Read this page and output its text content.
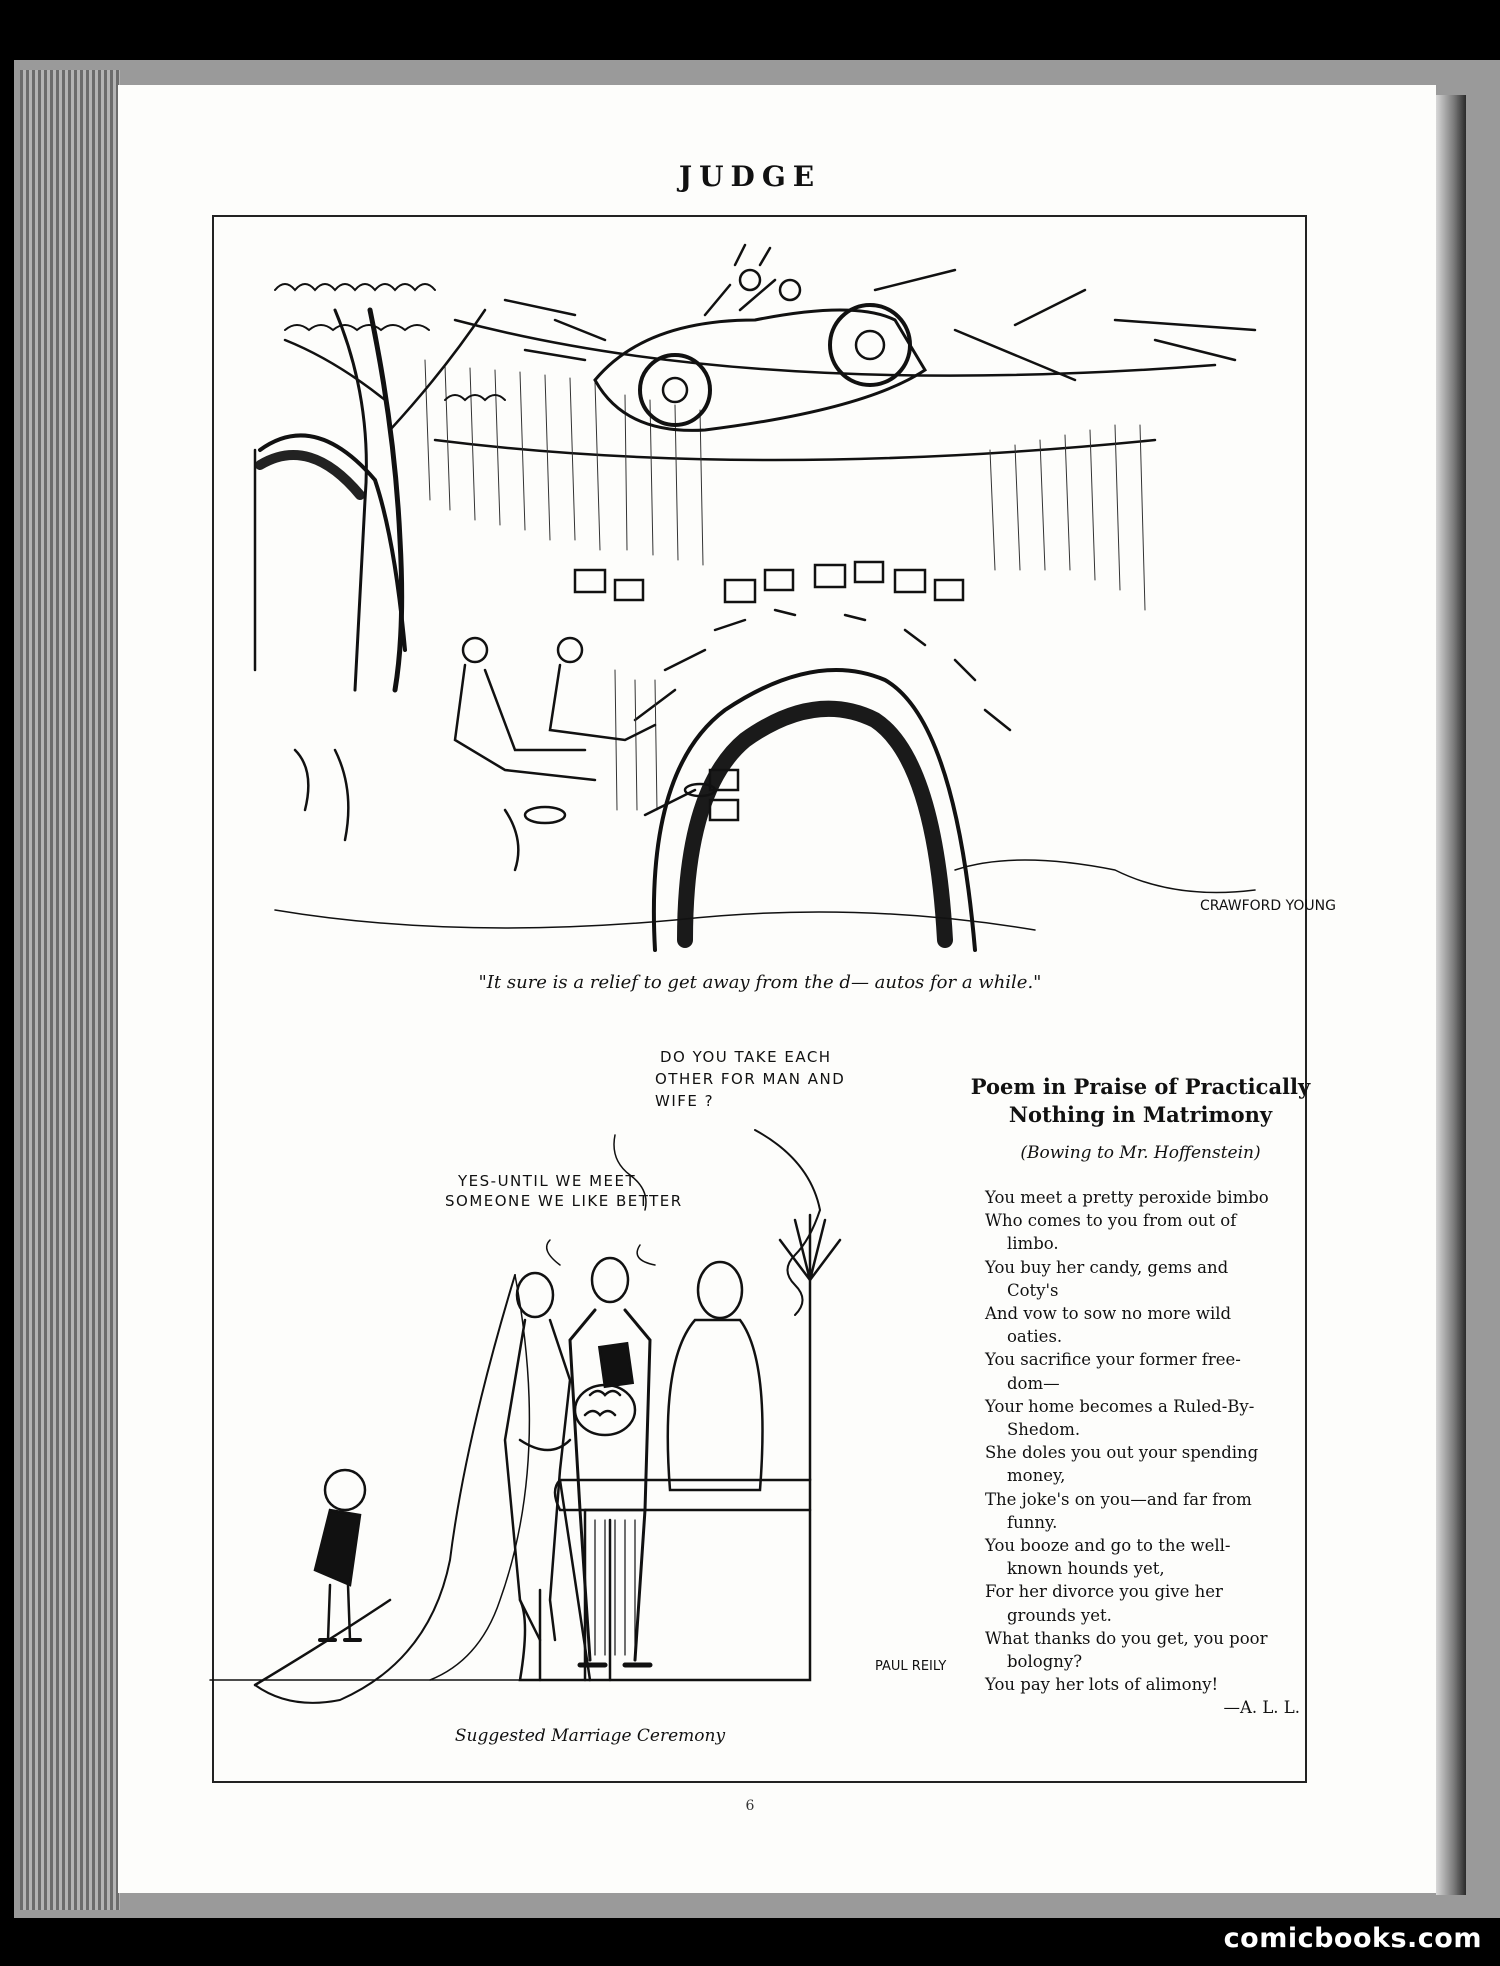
JUDGE
CRAWFORD YOUNG
"It sure is a relief to get away from the d— autos for a while."
DO YOU TAKE EACH
OTHER FOR MAN AND
WIFE ?
YES-UNTIL WE MEET
SOMEONE WE LIKE BETTER
PAUL REILY
Suggested Marriage Ceremony
Poem in Praise of Practically
Nothing in Matrimony
(Bowing to Mr. Hoffenstein)
You meet a pretty peroxide bimbo
Who comes to you from out of
limbo.
You buy her candy, gems and
Coty's
And vow to sow no more wild
oaties.
You sacrifice your former free-
dom—
Your home becomes a Ruled-By-
Shedom.
She doles you out your spending
money,
The joke's on you—and far from
funny.
You booze and go to the well-
known hounds yet,
For her divorce you give her
grounds yet.
What thanks do you get, you poor
bologny?
You pay her lots of alimony!
—A. L. L.
6
comicbooks.com
